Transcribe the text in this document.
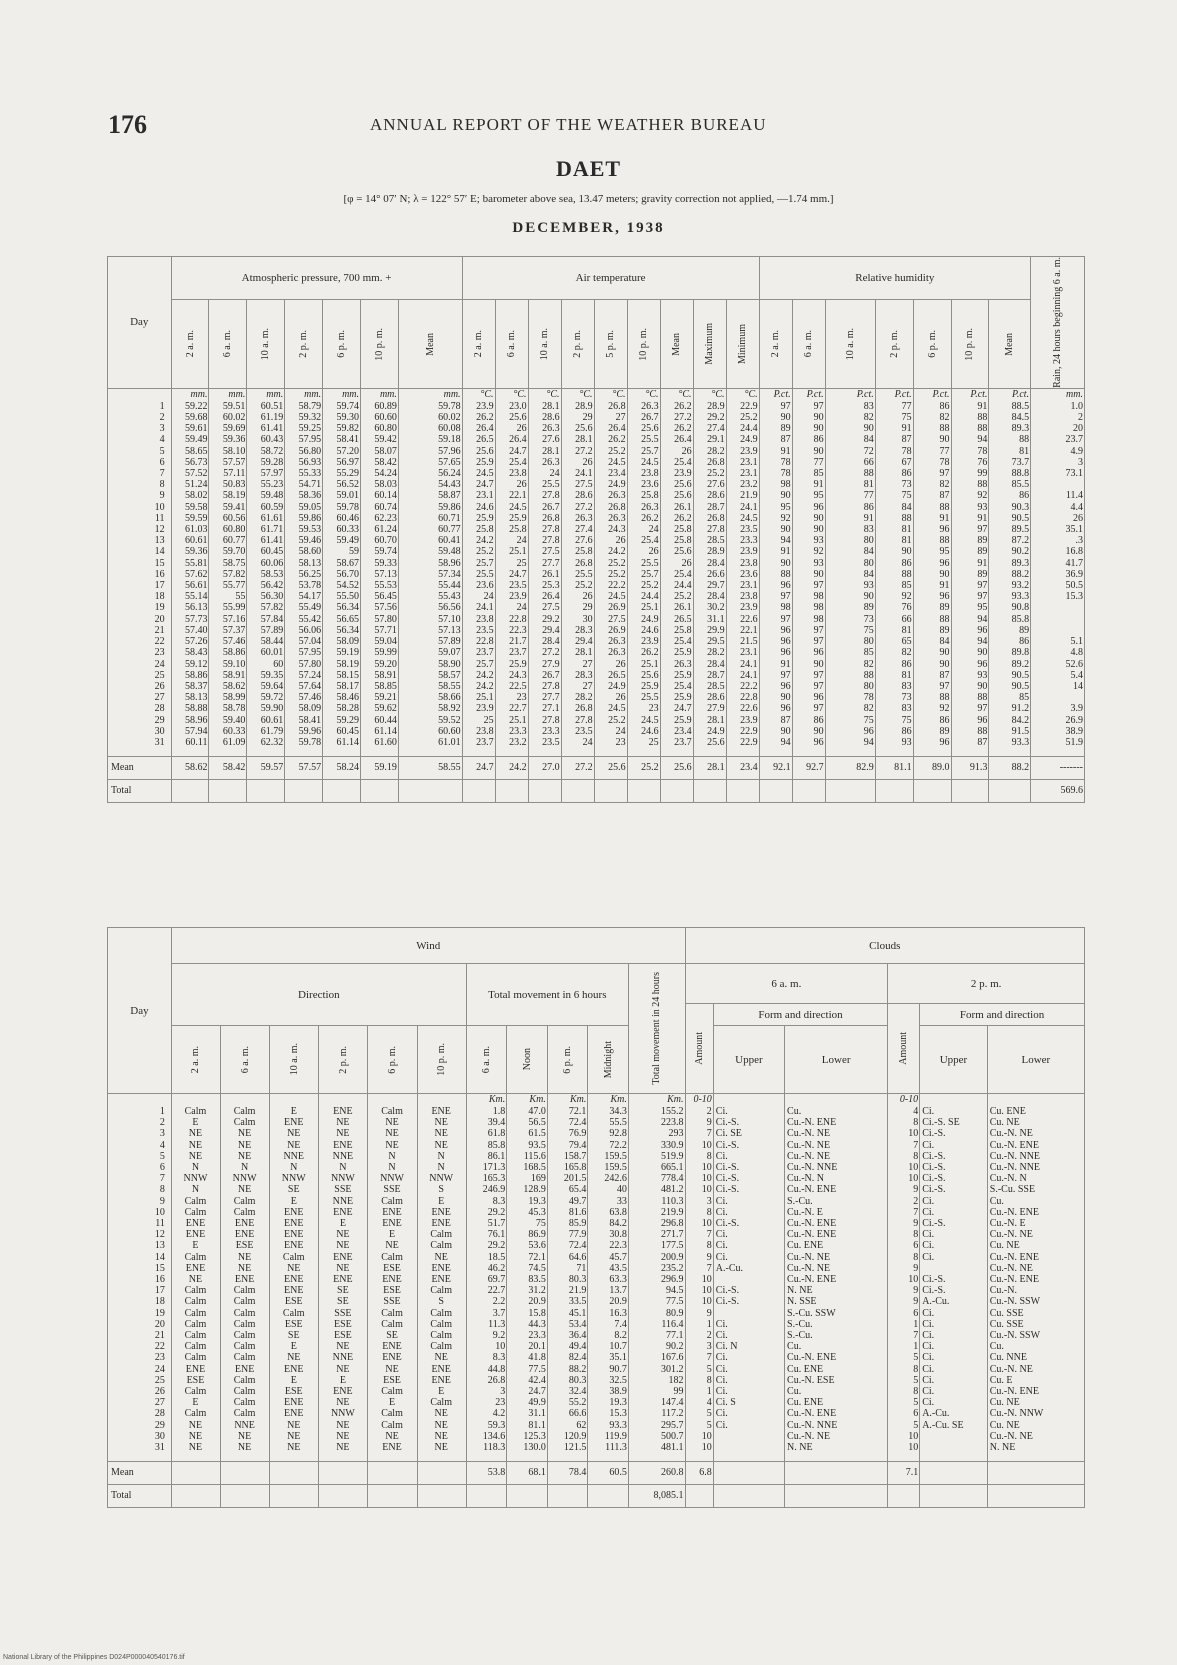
176	ANNUAL REPORT OF THE WEATHER BUREAU
DAET
[φ = 14° 07′ N; λ = 122° 57′ E; barometer above sea, 13.47 meters; gravity correction not applied, —1.74 mm.]
DECEMBER, 1938
Day	Atmospheric pressure, 700 mm. +							Air temperature									Relative humidity							Rain, 24 hours beginning 6 a. m.

	2 a. m.	6 a. m.	10 a. m.	2 p. m.	6 p. m.	10 p. m.	Mean	2 a. m.	6 a. m.	10 a. m.	2 p. m.	5 p. m.	10 p. m.	Mean	Maximum	Minimum	2 a. m.	6 a. m.	10 a. m.	2 p. m.	6 p. m.	10 p. m.	Mean	

	mm.	mm.	mm.	mm.	mm.	mm.	mm.	°C.	°C.	°C.	°C.	°C.	°C.	°C.	°C.	°C.	P.ct.	P.ct.	P.ct.	P.ct.	P.ct.	P.ct.	P.ct.	mm.
1	59.22	59.51	60.51	58.79	59.74	60.89	59.78	23.9	23.0	28.1	28.9	26.8	26.3	26.2	28.9	22.9	97	97	83	77	86	91	88.5	1.0
2	59.68	60.02	61.19	59.32	59.30	60.60	60.02	26.2	25.6	28.6	29	27	26.7	27.2	29.2	25.2	90	90	82	75	82	88	84.5	2
3	59.61	59.69	61.41	59.25	59.82	60.80	60.08	26.4	26	26.3	25.6	26.4	25.6	26.2	27.4	24.4	89	90	90	91	88	88	89.3	20
4	59.49	59.36	60.43	57.95	58.41	59.42	59.18	26.5	26.4	27.6	28.1	26.2	25.5	26.4	29.1	24.9	87	86	84	87	90	94	88	23.7
5	58.65	58.10	58.72	56.80	57.20	58.07	57.96	25.6	24.7	28.1	27.2	25.2	25.7	26	28.2	23.9	91	90	72	78	77	78	81	4.9
6	56.73	57.57	59.28	56.93	56.97	58.42	57.65	25.9	25.4	26.3	26	24.5	24.5	25.4	26.8	23.1	78	77	66	67	78	76	73.7	3
7	57.52	57.11	57.97	55.33	55.29	54.24	56.24	24.5	23.8	24	24.1	23.4	23.8	23.9	25.2	23.1	78	85	88	86	97	99	88.8	73.1
8	51.24	50.83	55.23	54.71	56.52	58.03	54.43	24.7	26	25.5	27.5	24.9	23.6	25.6	27.6	23.2	98	91	81	73	82	88	85.5	
9	58.02	58.19	59.48	58.36	59.01	60.14	58.87	23.1	22.1	27.8	28.6	26.3	25.8	25.6	28.6	21.9	90	95	77	75	87	92	86	11.4
10	59.58	59.41	60.59	59.05	59.78	60.74	59.86	24.6	24.5	26.7	27.2	26.8	26.3	26.1	28.7	24.1	95	96	86	84	88	93	90.3	4.4
11	59.59	60.56	61.61	59.86	60.46	62.23	60.71	25.9	25.9	26.8	26.3	26.3	26.2	26.2	26.8	24.5	92	90	91	88	91	91	90.5	26
12	61.03	60.80	61.71	59.53	60.33	61.24	60.77	25.8	25.8	27.8	27.4	24.3	24	25.8	27.8	23.5	90	90	83	81	96	97	89.5	35.1
13	60.61	60.77	61.41	59.46	59.49	60.70	60.41	24.2	24	27.8	27.6	26	25.4	25.8	28.5	23.3	94	93	80	81	88	89	87.2	.3
14	59.36	59.70	60.45	58.60	59	59.74	59.48	25.2	25.1	27.5	25.8	24.2	26	25.6	28.9	23.9	91	92	84	90	95	89	90.2	16.8
15	55.81	58.75	60.06	58.13	58.67	59.33	58.96	25.7	25	27.7	26.8	25.2	25.5	26	28.4	23.8	90	93	80	86	96	91	89.3	41.7
16	57.62	57.82	58.53	56.25	56.70	57.13	57.34	25.5	24.7	26.1	25.5	25.2	25.7	25.4	26.6	23.6	88	90	84	88	90	89	88.2	36.9
17	56.61	55.77	56.42	53.78	54.52	55.53	55.44	23.6	23.5	25.3	25.2	22.2	25.2	24.4	29.7	23.1	96	97	93	85	91	97	93.2	50.5
18	55.14	55	56.30	54.17	55.50	56.45	55.43	24	23.9	26.4	26	24.5	24.4	25.2	28.4	23.8	97	98	90	92	96	97	93.3	15.3
19	56.13	55.99	57.82	55.49	56.34	57.56	56.56	24.1	24	27.5	29	26.9	25.1	26.1	30.2	23.9	98	98	89	76	89	95	90.8	
20	57.73	57.16	57.84	55.42	56.65	57.80	57.10	23.8	22.8	29.2	30	27.5	24.9	26.5	31.1	22.6	97	98	73	66	88	94	85.8	
21	57.40	57.37	57.89	56.06	56.34	57.71	57.13	23.5	22.3	29.4	28.3	26.9	24.6	25.8	29.9	22.1	96	97	75	81	89	96	89	
22	57.26	57.46	58.44	57.04	58.09	59.04	57.89	22.8	21.7	28.4	29.4	26.3	23.9	25.4	29.5	21.5	96	97	80	65	84	94	86	5.1
23	58.43	58.86	60.01	57.95	59.19	59.99	59.07	23.7	23.7	27.2	28.1	26.3	26.2	25.9	28.2	23.1	96	96	85	82	90	90	89.8	4.8
24	59.12	59.10	60	57.80	58.19	59.20	58.90	25.7	25.9	27.9	27	26	25.1	26.3	28.4	24.1	91	90	82	86	90	96	89.2	52.6
25	58.86	58.91	59.35	57.24	58.15	58.91	58.57	24.2	24.3	26.7	28.3	26.5	25.6	25.9	28.7	24.1	97	97	88	81	87	93	90.5	5.4
26	58.37	58.62	59.64	57.64	58.17	58.85	58.55	24.2	22.5	27.8	27	24.9	25.9	25.4	28.5	22.2	96	97	80	83	97	90	90.5	14
27	58.13	58.99	59.72	57.46	58.46	59.21	58.66	25.1	23	27.7	28.2	26	25.5	25.9	28.6	22.8	90	96	78	73	88	88	85	
28	58.88	58.78	59.90	58.09	58.28	59.62	58.92	23.9	22.7	27.1	26.8	24.5	23	24.7	27.9	22.6	96	97	82	83	92	97	91.2	3.9
29	58.96	59.40	60.61	58.41	59.29	60.44	59.52	25	25.1	27.8	27.8	25.2	24.5	25.9	28.1	23.9	87	86	75	75	86	96	84.2	26.9
30	57.94	60.33	61.79	59.96	60.45	61.14	60.60	23.8	23.3	23.3	23.5	24	24.6	23.4	24.9	22.9	90	90	96	86	89	88	91.5	38.9
31	60.11	61.09	62.32	59.78	61.14	61.60	61.01	23.7	23.2	23.5	24	23	25	23.7	25.6	22.9	94	96	94	93	96	87	93.3	51.9

Mean	58.62	58.42	59.57	57.57	58.24	59.19	58.55	24.7	24.2	27.0	27.2	25.6	25.2	25.6	28.1	23.4	92.1	92.7	82.9	81.1	89.0	91.3	88.2	-------
Total																								569.6
Day	Wind											Clouds					
	Direction						Total movement in 6 hours				Total movement in 24 hours	6 a. m.			2 p. m.		

												Amount	Form and direction		Amount	Form and direction	

	2 a. m.	6 a. m.	10 a. m.	2 p. m.	6 p. m.	10 p. m.	6 a. m.	Noon	6 p. m.	Midnight			Upper	Lower		Upper	Lower
							Km.	Km.	Km.	Km.	Km.	0-10			0-10		
1	Calm	Calm	E	ENE	Calm	ENE	1.8	47.0	72.1	34.3	155.2	2	Ci.	Cu.	4	Ci.	Cu. ENE
2	E	Calm	ENE	NE	NE	NE	39.4	56.5	72.4	55.5	223.8	9	Ci.-S.	Cu.-N. ENE	8	Ci.-S. SE	Cu. NE
3	NE	NE	NE	NE	NE	NE	61.8	61.5	76.9	92.8	293	7	Ci. SE	Cu.-N. NE	10	Ci.-S.	Cu.-N. NE
4	NE	NE	NE	ENE	NE	NE	85.8	93.5	79.4	72.2	330.9	10	Ci.-S.	Cu.-N. NE	7	Ci.	Cu.-N. ENE
5	NE	NE	NNE	NNE	N	N	86.1	115.6	158.7	159.5	519.9	8	Ci.	Cu.-N. NE	8	Ci.-S.	Cu.-N. NNE
6	N	N	N	N	N	N	171.3	168.5	165.8	159.5	665.1	10	Ci.-S.	Cu.-N. NNE	10	Ci.-S.	Cu.-N. NNE
7	NNW	NNW	NNW	NNW	NNW	NNW	165.3	169	201.5	242.6	778.4	10	Ci.-S.	Cu.-N. N	10	Ci.-S.	Cu.-N. N
8	N	NE	SE	SSE	SSE	S	246.9	128.9	65.4	40	481.2	10	Ci.-S.	Cu.-N. ENE	9	Ci.-S.	S.-Cu. SSE
9	Calm	Calm	E	NNE	Calm	E	8.3	19.3	49.7	33	110.3	3	Ci.	S.-Cu.	2	Ci.	Cu.
10	Calm	Calm	ENE	ENE	ENE	ENE	29.2	45.3	81.6	63.8	219.9	8	Ci.	Cu.-N. E	7	Ci.	Cu.-N. ENE
11	ENE	ENE	ENE	E	ENE	ENE	51.7	75	85.9	84.2	296.8	10	Ci.-S.	Cu.-N. ENE	9	Ci.-S.	Cu.-N. E
12	ENE	ENE	ENE	NE	E	Calm	76.1	86.9	77.9	30.8	271.7	7	Ci.	Cu.-N. ENE	8	Ci.	Cu.-N. NE
13	E	ESE	ENE	NE	NE	Calm	29.2	53.6	72.4	22.3	177.5	8	Ci.	Cu. ENE	6	Ci.	Cu. NE
14	Calm	NE	Calm	ENE	Calm	NE	18.5	72.1	64.6	45.7	200.9	9	Ci.	Cu.-N. NE	8	Ci.	Cu.-N. ENE
15	ENE	NE	NE	NE	ESE	ENE	46.2	74.5	71	43.5	235.2	7	A.-Cu.	Cu.-N. NE	9		Cu.-N. NE
16	NE	ENE	ENE	ENE	ENE	ENE	69.7	83.5	80.3	63.3	296.9	10		Cu.-N. ENE	10	Ci.-S.	Cu.-N. ENE
17	Calm	Calm	ENE	SE	ESE	Calm	22.7	31.2	21.9	13.7	94.5	10	Ci.-S.	N. NE	9	Ci.-S.	Cu.-N.
18	Calm	Calm	ESE	SE	SSE	S	2.2	20.9	33.5	20.9	77.5	10	Ci.-S.	N. SSE	9	A.-Cu.	Cu.-N. SSW
19	Calm	Calm	Calm	SSE	Calm	Calm	3.7	15.8	45.1	16.3	80.9	9		S.-Cu. SSW	6	Ci.	Cu. SSE
20	Calm	Calm	ESE	ESE	Calm	Calm	11.3	44.3	53.4	7.4	116.4	1	Ci.	S.-Cu.	1	Ci.	Cu. SSE
21	Calm	Calm	SE	ESE	SE	Calm	9.2	23.3	36.4	8.2	77.1	2	Ci.	S.-Cu.	7	Ci.	Cu.-N. SSW
22	Calm	Calm	E	NE	ENE	Calm	10	20.1	49.4	10.7	90.2	3	Ci. N	Cu.	1	Ci.	Cu.
23	Calm	Calm	NE	NNE	ENE	NE	8.3	41.8	82.4	35.1	167.6	7	Ci.	Cu.-N. ENE	5	Ci.	Cu. NNE
24	ENE	ENE	ENE	NE	NE	ENE	44.8	77.5	88.2	90.7	301.2	5	Ci.	Cu. ENE	8	Ci.	Cu.-N. NE
25	ESE	Calm	E	E	ESE	ENE	26.8	42.4	80.3	32.5	182	8	Ci.	Cu.-N. ESE	5	Ci.	Cu. E
26	Calm	Calm	ESE	ENE	Calm	E	3	24.7	32.4	38.9	99	1	Ci.	Cu.	8	Ci.	Cu.-N. ENE
27	E	Calm	ENE	NE	E	Calm	23	49.9	55.2	19.3	147.4	4	Ci. S	Cu. ENE	5	Ci.	Cu. NE
28	Calm	Calm	ENE	NNW	Calm	NE	4.2	31.1	66.6	15.3	117.2	5	Ci.	Cu.-N. ENE	6	A.-Cu.	Cu.-N. NNW
29	NE	NNE	NE	NE	Calm	NE	59.3	81.1	62	93.3	295.7	5	Ci.	Cu.-N. NNE	5	A.-Cu. SE	Cu. NE
30	NE	NE	NE	NE	NE	NE	134.6	125.3	120.9	119.9	500.7	10		Cu.-N. NE	10		Cu.-N. NE
31	NE	NE	NE	NE	ENE	NE	118.3	130.0	121.5	111.3	481.1	10		N. NE	10		N. NE

Mean							53.8	68.1	78.4	60.5	260.8	6.8			7.1		
Total											8,085.1						
National Library of the Philippines D024P000040540176.tif
